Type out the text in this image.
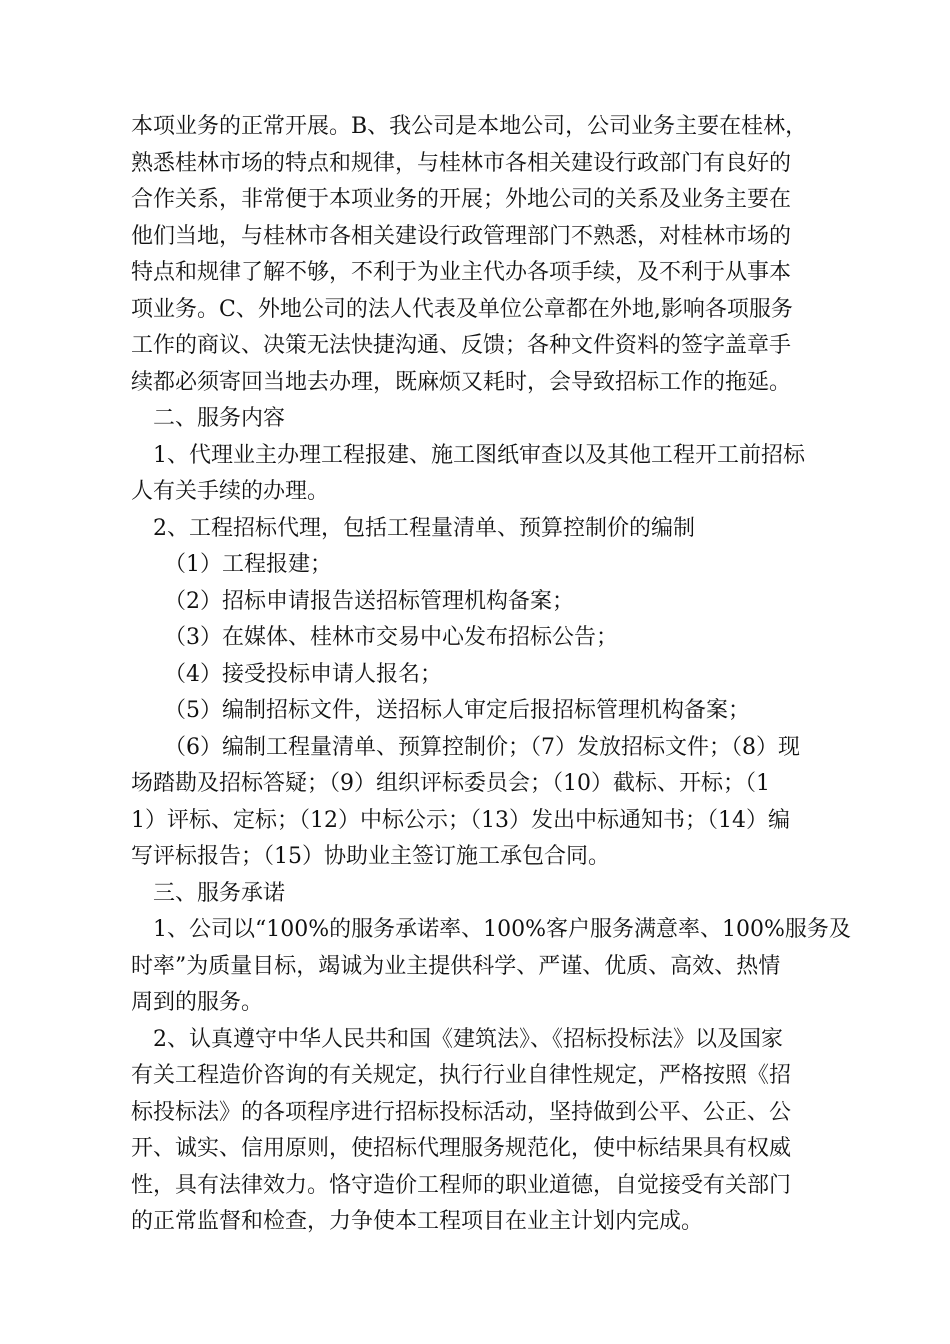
本项业务的正常开展。B、我公司是本地公司，公司业务主要在桂林，
熟悉桂林市场的特点和规律，与桂林市各相关建设行政部门有良好的
合作关系，非常便于本项业务的开展；外地公司的关系及业务主要在
他们当地，与桂林市各相关建设行政管理部门不熟悉，对桂林市场的
特点和规律了解不够，不利于为业主代办各项手续，及不利于从事本
项业务。C、外地公司的法人代表及单位公章都在外地,影响各项服务
工作的商议、决策无法快捷沟通、反馈；各种文件资料的签字盖章手
续都必须寄回当地去办理，既麻烦又耗时，会导致招标工作的拖延。
二、服务内容
1、代理业主办理工程报建、施工图纸审查以及其他工程开工前招标
人有关手续的办理。
2、工程招标代理，包括工程量清单、预算控制价的编制
（1）工程报建；
（2）招标申请报告送招标管理机构备案；
（3）在媒体、桂林市交易中心发布招标公告；
（4）接受投标申请人报名；
（5）编制招标文件，送招标人审定后报招标管理机构备案；
（6）编制工程量清单、预算控制价；（7）发放招标文件；（8）现
场踏勘及招标答疑；（9）组织评标委员会；（10）截标、开标；（1
1）评标、定标；（12）中标公示；（13）发出中标通知书；（14）编
写评标报告；（15）协助业主签订施工承包合同。
三、服务承诺
1、公司以“100%的服务承诺率、100%客户服务满意率、100%服务及
时率”为质量目标，竭诚为业主提供科学、严谨、优质、高效、热情
周到的服务。
2、认真遵守中华人民共和国《建筑法》、《招标投标法》以及国家
有关工程造价咨询的有关规定，执行行业自律性规定，严格按照《招
标投标法》的各项程序进行招标投标活动，坚持做到公平、公正、公
开、诚实、信用原则，使招标代理服务规范化，使中标结果具有权威
性，具有法律效力。恪守造价工程师的职业道德，自觉接受有关部门
的正常监督和检查，力争使本工程项目在业主计划内完成。
